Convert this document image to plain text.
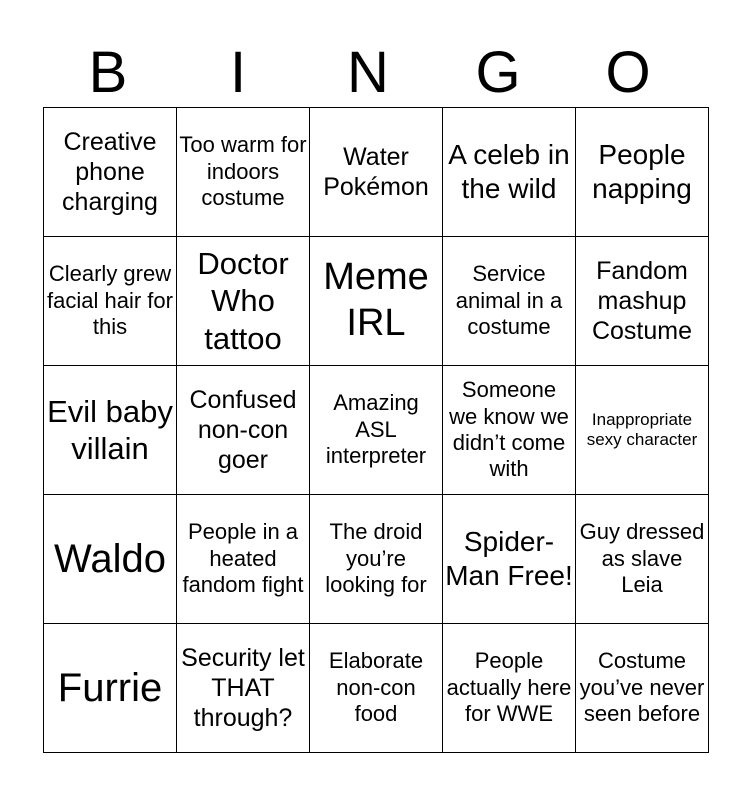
B	I	N	G	O
Creative phone charging	Too warm for indoors costume	Water Pokémon	A celeb in the wild	People napping
Clearly grew facial hair for this	Doctor Who tattoo	Meme IRL	Service animal in a costume	Fandom mashup Costume
Evil baby villain	Confused non-con goer	Amazing ASL interpreter	Someone we know we didn’t come with	Inappropriate sexy character
Waldo	People in a heated fandom fight	The droid you’re looking for	Spider-Man Free!	Guy dressed as slave Leia
Furrie	Security let THAT through?	Elaborate non-con food	People actually here for WWE	Costume you’ve never seen before
